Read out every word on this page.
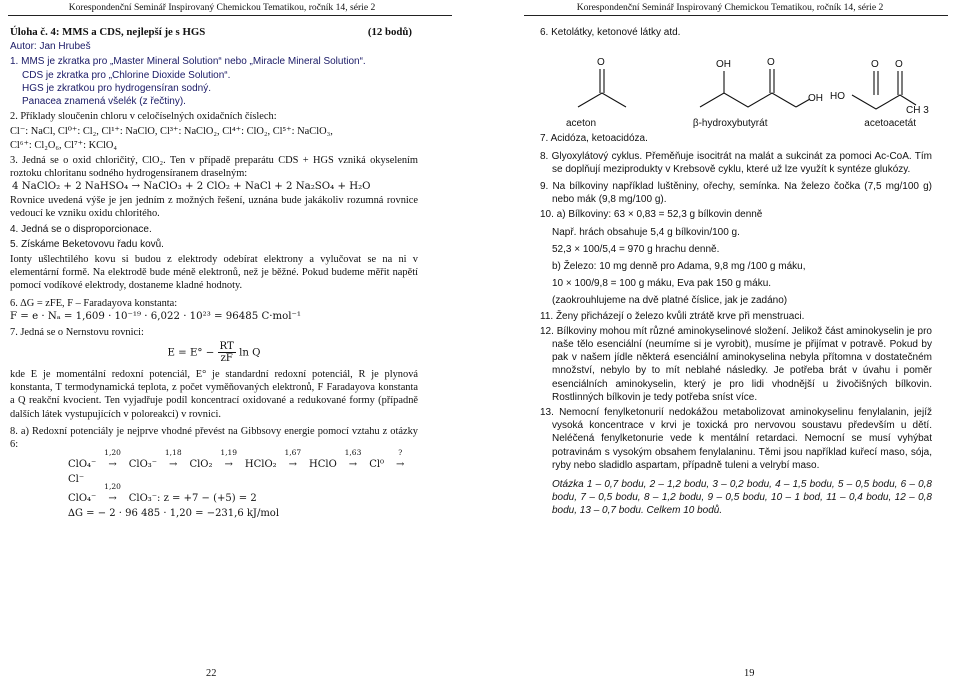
Korespondenční Seminář Inspirovaný Chemickou Tematikou, ročník 14, série 2	Korespondenční Seminář Inspirovaný Chemickou Tematikou, ročník 14, série 2
Úloha č. 4: MMS a CDS, nejlepší je s HGS	(12 bodů)

Autor: Jan Hrubeš

1. MMS je zkratka pro „Master Mineral Solution“ nebo „Miracle Mineral Solution“.

CDS je zkratka pro „Chlorine Dioxide Solution“.

HGS je zkratkou pro hydrogensíran sodný.

Panacea znamená všelék (z řečtiny).

2. Příklady sloučenin chloru v celočíselných oxidačních číslech:

Cl⁻: NaCl, Cl⁰⁺: Cl₂, Cl¹⁺: NaClO, Cl³⁺: NaClO₂, Cl⁴⁺: ClO₂, Cl⁵⁺: NaClO₃,

Cl⁶⁺: Cl₂O₆, Cl⁷⁺: KClO₄

3. Jedná se o oxid chloričitý, ClO₂. Ten v případě preparátu CDS + HGS vzniká okyselením roztoku chloritanu sodného hydrogensíranem draselným:

4 NaClO₂ + 2 NaHSO₄ → NaClO₃ + 2 ClO₂ + NaCl + 2 Na₂SO₄ + H₂O

Rovnice uvedená výše je jen jedním z možných řešení, uznána bude jakákoliv rozumná rovnice vedoucí ke vzniku oxidu chloritého.

4. Jedná se o disproporcionace.

5. Získáme Beketovovu řadu kovů.

Ionty ušlechtilého kovu si budou z elektrody odebírat elektrony a vylučovat se na ni v elementární formě. Na elektrodě bude méně elektronů, než je běžné. Pokud budeme měřit napětí pomocí vodíkové elektrody, dostaneme kladné hodnoty.

6. ∆G = zFE, F – Faradayova konstanta:

F = e · Nₐ = 1,609 · 10⁻¹⁹ · 6,022 · 10²³ = 96485 C·mol⁻¹

7. Jedná se o Nernstovu rovnici:

$E = E^\circ - \frac{RT}{zF}$ ln Q

kde E je momentální redoxní potenciál, E° je standardní redoxní potenciál, R je plynová konstanta, T termodynamická teplota, z počet vyměňovaných elektronů, F Faradayova konstanta a Q reakční kvocient. Ten vyjadřuje podíl koncentrací oxidované a redukované formy (případně dalších látek vystupujících v poloreakci) v rovnici.

8. a) Redoxní potenciály je nejprve vhodné převést na Gibbsovy energie pomocí vztahu z otázky 6:

ClO₄⁻
1,20
→ ClO₃⁻
1,18
→ ClO₂
1,19
→ HClO₂
1,67
→ HClO
1,63
→ Cl⁰
?
→ Cl⁻
ClO₄⁻
1,20
→ ClO₃⁻: z = +7 − (+5) = 2
∆G = − 2 · 96 485 · 1,20 = −231,6 kJ/mol
22

6. Ketolátky, ketonové látky atd.

O	OH	O
OH
O O
HO
CH 3
aceton	β-hydroxybutyrát	acetoacetát

7. Acidóza, ketoacidóza.

8. Glyoxylátový cyklus. Přeměňuje isocitrát na malát a sukcinát za pomoci Ac-CoA. Tím se doplňují meziprodukty v Krebsově cyklu, které už lze využít k syntéze glukózy.

9. Na bílkoviny například luštěniny, ořechy, semínka. Na železo čočka (7,5 mg/100 g) nebo mák (9,8 mg/100 g).

10. a) Bílkoviny: 63 × 0,83 = 52,3 g bílkovin denně

Např. hrách obsahuje 5,4 g bílkovin/100 g.

52,3 × 100/5,4 = 970 g hrachu denně.

b) Železo: 10 mg denně pro Adama, 9,8 mg /100 g máku,

10 × 100/9,8 = 100 g máku, Eva pak 150 g máku.

(zaokrouhlujeme na dvě platné číslice, jak je zadáno)

11. Ženy přicházejí o železo kvůli ztrátě krve při menstruaci.

12. Bílkoviny mohou mít různé aminokyselinové složení. Jelikož část aminokyselin je pro naše tělo esenciální (neumíme si je vyrobit), musíme je přijímat v potravě. Pokud by pak v našem jídle některá esenciální aminokyselina nebyla přítomna v dostatečném množství, nebylo by to mít neblahé následky. Je potřeba brát v úvahu i poměr esenciálních aminokyselin, který je pro lidi vhodnější u živočišných bílkovin. Rostlinných bílkovin je tedy potřeba sníst více.

13. Nemocní fenylketonurií nedokážou metabolizovat aminokyselinu fenylalanin, jejíž vysoká koncentrace v krvi je toxická pro nervovou soustavu především u dětí. Neléčená fenylketonurie vede k mentální retardaci. Nemocní se musí vyhýbat potravinám s vysokým obsahem fenylalaninu. Těmi jsou například kuřecí maso, sója, ryby nebo sladidlo aspartam, případně tuleni a velrybí maso.

Otázka 1 – 0,7 bodu, 2 – 1,2 bodu, 3 – 0,2 bodu, 4 – 1,5 bodu, 5 – 0,5 bodu, 6 – 0,8 bodu, 7 – 0,5 bodu, 8 – 1,2 bodu, 9 – 0,5 bodu, 10 – 1 bod, 11 – 0,4 bodu, 12 – 0,8 bodu, 13 – 0,7 bodu. Celkem 10 bodů.

19
